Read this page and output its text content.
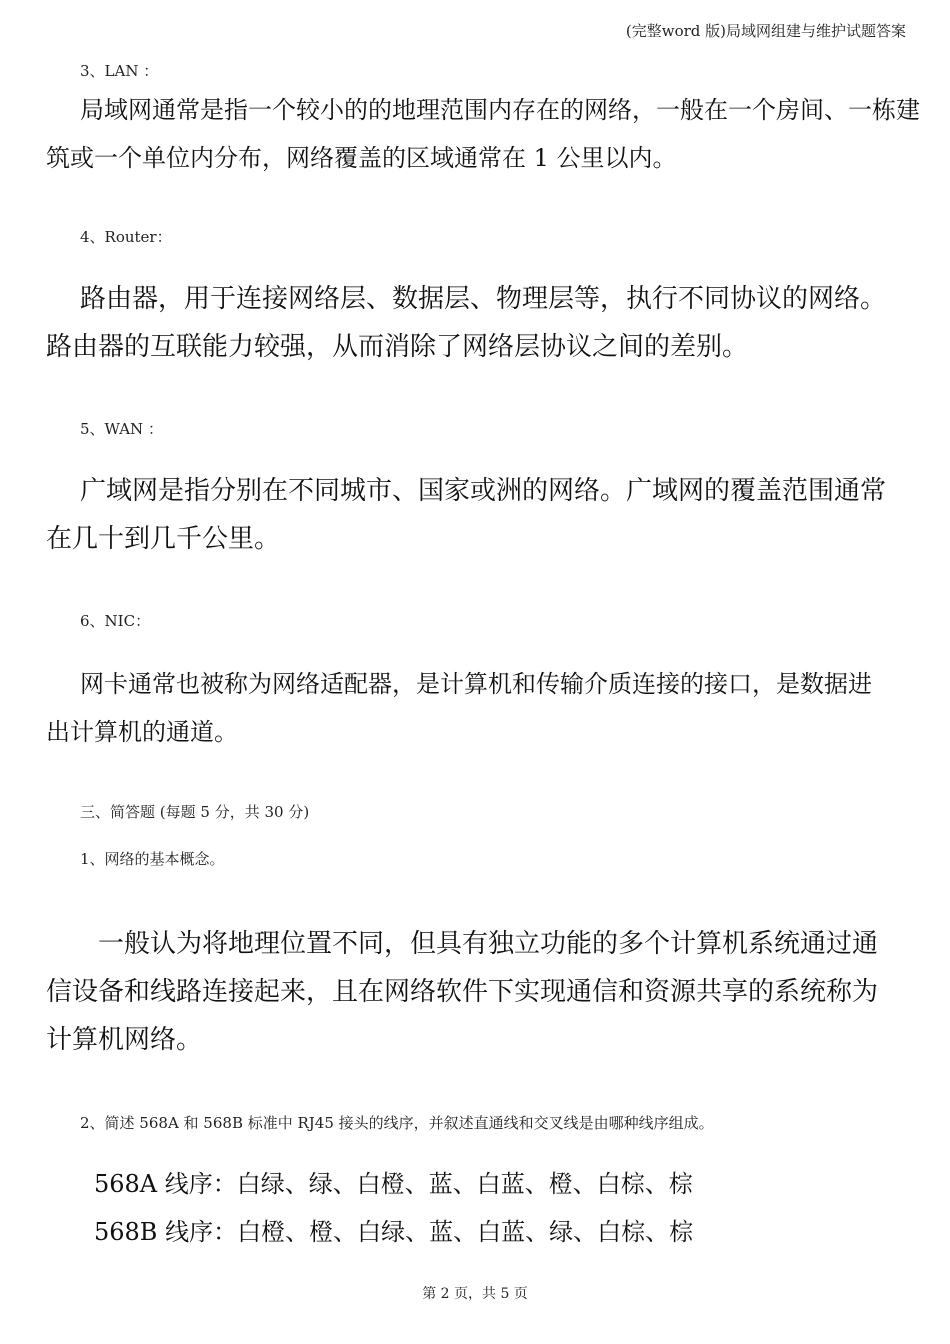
(完整word 版)局域网组建与维护试题答案
3、LAN ：
局域网通常是指一个较小的的地理范围内存在的网络，一般在一个房间、一栋建
筑或一个单位内分布，网络覆盖的区域通常在 1 公里以内。
4、Router：
路由器，用于连接网络层、数据层、物理层等，执行不同协议的网络。
路由器的互联能力较强，从而消除了网络层协议之间的差别。
5、WAN ：
广域网是指分别在不同城市、国家或洲的网络。广域网的覆盖范围通常
在几十到几千公里。
6、NIC：
网卡通常也被称为网络适配器，是计算机和传输介质连接的接口，是数据进
出计算机的通道。
三、简答题 (每题 5 分，共 30 分)
1、网络的基本概念。
一般认为将地理位置不同，但具有独立功能的多个计算机系统通过通
信设备和线路连接起来，且在网络软件下实现通信和资源共享的系统称为
计算机网络。
2、简述 568A 和 568B 标准中 RJ45 接头的线序，并叙述直通线和交叉线是由哪种线序组成。
568A 线序：白绿、绿、白橙、蓝、白蓝、橙、白棕、棕
568B 线序：白橙、橙、白绿、蓝、白蓝、绿、白棕、棕
第 2 页，共 5 页
